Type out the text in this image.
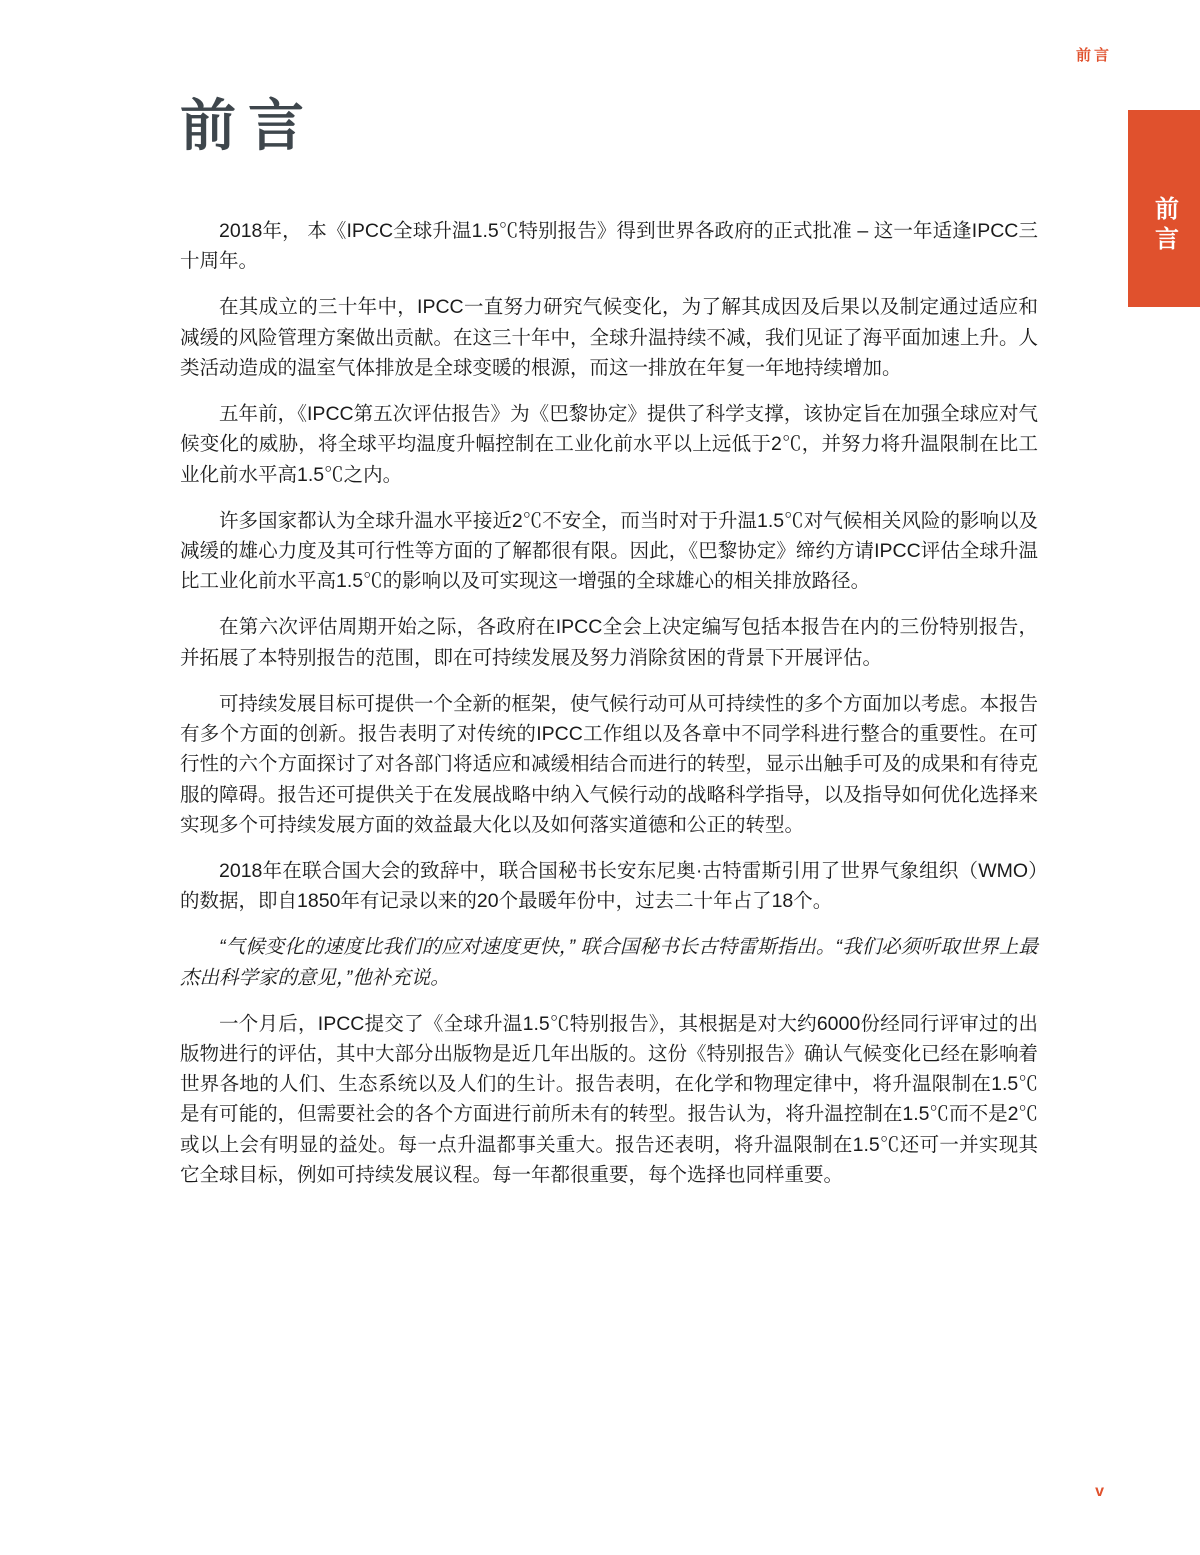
前言
前言
前言

2018年， 本《IPCC全球升温1.5℃特别报告》得到世界各政府的正式批准 – 这一年适逢IPCC三十周年。

在其成立的三十年中，IPCC一直努力研究气候变化，为了解其成因及后果以及制定通过适应和减缓的风险管理方案做出贡献。在这三十年中，全球升温持续不减，我们见证了海平面加速上升。人类活动造成的温室气体排放是全球变暖的根源，而这一排放在年复一年地持续增加。

五年前，《IPCC第五次评估报告》为《巴黎协定》提供了科学支撑，该协定旨在加强全球应对气候变化的威胁，将全球平均温度升幅控制在工业化前水平以上远低于2℃，并努力将升温限制在比工业化前水平高1.5℃之内。

许多国家都认为全球升温水平接近2℃不安全，而当时对于升温1.5℃对气候相关风险的影响以及减缓的雄心力度及其可行性等方面的了解都很有限。因此，《巴黎协定》缔约方请IPCC评估全球升温比工业化前水平高1.5℃的影响以及可实现这一增强的全球雄心的相关排放路径。

在第六次评估周期开始之际，各政府在IPCC全会上决定编写包括本报告在内的三份特别报告，并拓展了本特别报告的范围，即在可持续发展及努力消除贫困的背景下开展评估。

可持续发展目标可提供一个全新的框架，使气候行动可从可持续性的多个方面加以考虑。本报告有多个方面的创新。报告表明了对传统的IPCC工作组以及各章中不同学科进行整合的重要性。在可行性的六个方面探讨了对各部门将适应和减缓相结合而进行的转型，显示出触手可及的成果和有待克服的障碍。报告还可提供关于在发展战略中纳入气候行动的战略科学指导，以及指导如何优化选择来实现多个可持续发展方面的效益最大化以及如何落实道德和公正的转型。

2018年在联合国大会的致辞中，联合国秘书长安东尼奥·古特雷斯引用了世界气象组织（WMO）的数据，即自1850年有记录以来的20个最暖年份中，过去二十年占了18个。

“气候变化的速度比我们的应对速度更快，” 联合国秘书长古特雷斯指出。“我们必须听取世界上最杰出科学家的意见，”他补充说。

一个月后，IPCC提交了《全球升温1.5℃特别报告》，其根据是对大约6000份经同行评审过的出版物进行的评估，其中大部分出版物是近几年出版的。这份《特别报告》确认气候变化已经在影响着世界各地的人们、生态系统以及人们的生计。报告表明，在化学和物理定律中，将升温限制在1.5℃是有可能的，但需要社会的各个方面进行前所未有的转型。报告认为，将升温控制在1.5℃而不是2℃或以上会有明显的益处。每一点升温都事关重大。报告还表明，将升温限制在1.5℃还可一并实现其它全球目标，例如可持续发展议程。每一年都很重要，每个选择也同样重要。

v
